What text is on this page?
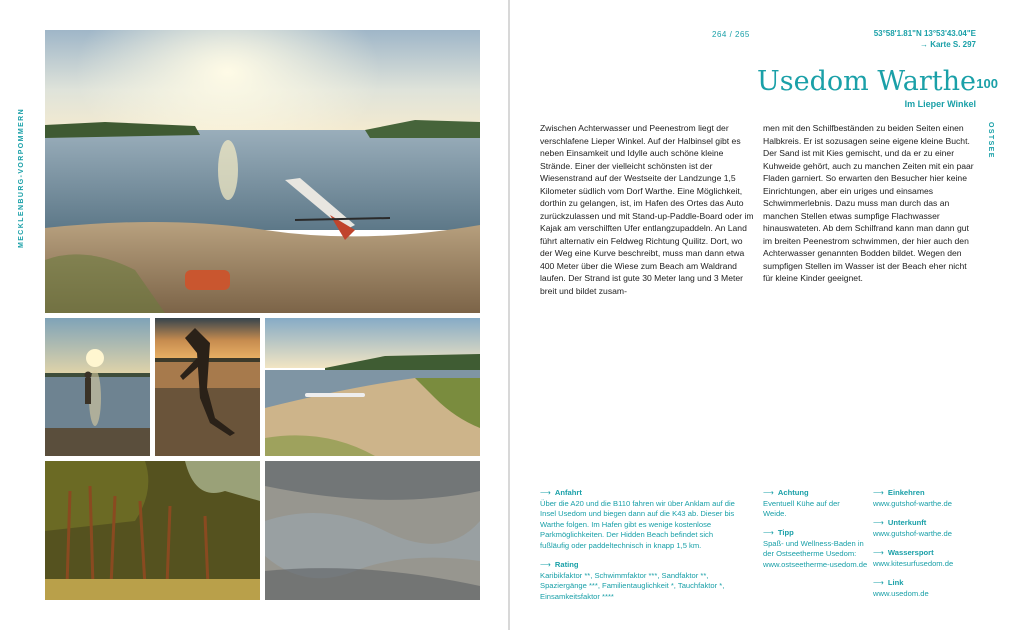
MECKLENBURG-VORPOMMERN
264 / 265	53°58'1.81"N 13°53'43.04"E
→ Karte S. 297
Usedom Warthe 100
Im Lieper Winkel
OSTSEE
Zwischen Achterwasser und Peenestrom liegt der verschlafene Lieper Winkel. Auf der Halbinsel gibt es neben Einsamkeit und Idylle auch schöne kleine Strände. Einer der vielleicht schönsten ist der Wiesenstrand auf der Westseite der Landzunge 1,5 Kilometer südlich vom Dorf Warthe. Eine Möglichkeit, dorthin zu gelangen, ist, im Hafen des Ortes das Auto zurückzulassen und mit Stand-up-Paddle-Board oder im Kajak am verschilften Ufer entlangzupaddeln. An Land führt alternativ ein Feldweg Richtung Quilitz. Dort, wo der Weg eine Kurve beschreibt, muss man dann etwa 400 Meter über die Wiese zum Beach am Waldrand laufen. Der Strand ist gute 30 Meter lang und 3 Meter breit und bildet zusam-
men mit den Schilfbeständen zu beiden Seiten einen Halbkreis. Er ist sozusagen seine eigene kleine Bucht. Der Sand ist mit Kies gemischt, und da er zu einer Kuhweide gehört, auch zu manchen Zeiten mit ein paar Fladen garniert. So erwarten den Besucher hier keine Einrichtungen, aber ein uriges und einsames Schwimmerlebnis. Dazu muss man durch das an manchen Stellen etwas sumpfige Flachwasser hinauswateten. Ab dem Schilfrand kann man dann gut im breiten Peenestrom schwimmen, der hier auch den Achterwasser genannten Bodden bildet. Wegen den sumpfigen Stellen im Wasser ist der Beach eher nicht für kleine Kinder geeignet.
⟶ Anfahrt
Über die A20 und die B110 fahren wir über Anklam auf die Insel Usedom und biegen dann auf die K43 ab. Dieser bis Warthe folgen. Im Hafen gibt es wenige kostenlose Parkmöglichkeiten. Der Hidden Beach befindet sich fußläufig oder paddeltechnisch in knapp 1,5 km.
⟶ Rating
Karibikfaktor **, Schwimmfaktor ***, Sandfaktor **, Spaziergänge ***, Familientauglichkeit *, Tauchfaktor *, Einsamkeitsfaktor ****
⟶ Achtung
Eventuell Kühe auf der Weide.
⟶ Tipp
Spaß- und Wellness-Baden in der Ostseetherme Usedom: www.ostseetherme-usedom.de
⟶ Einkehren
www.gutshof-warthe.de
⟶ Unterkunft
www.gutshof-warthe.de
⟶ Wassersport
www.kitesurfusedom.de
⟶ Link
www.usedom.de
